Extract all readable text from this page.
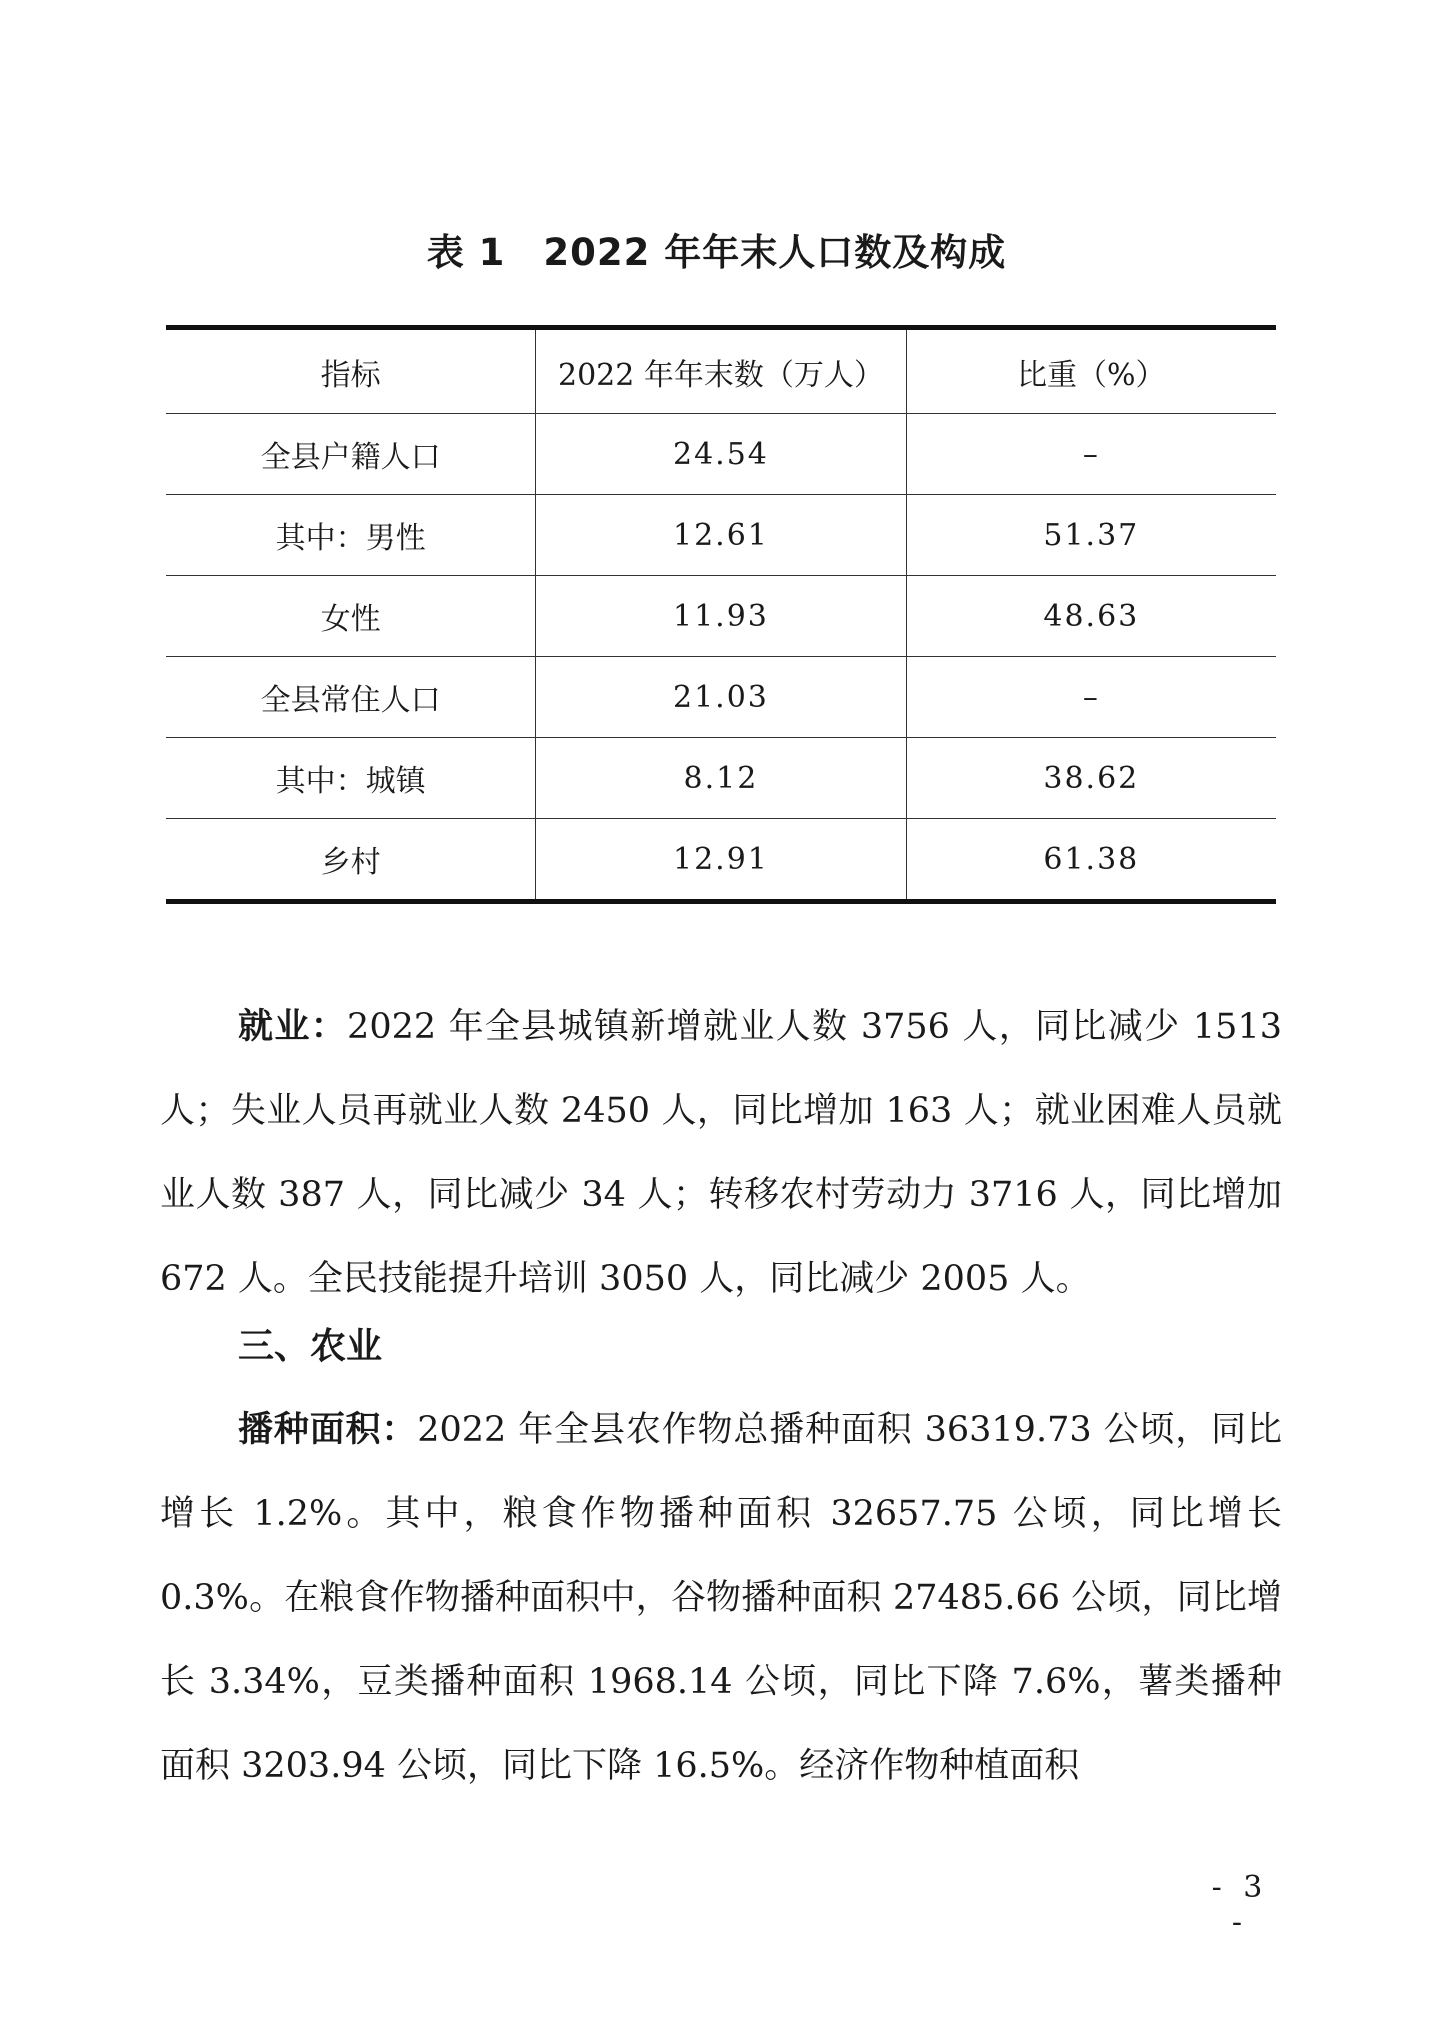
表 1　2022 年年末人口数及构成
指标	2022 年年末数（万人）	比重（%）
全县户籍人口	24.54	–
其中：男性	12.61	51.37
女性	11.93	48.63
全县常住人口	21.03	–
其中：城镇	8.12	38.62
乡村	12.91	61.38

就业：2022 年全县城镇新增就业人数 3756 人，同比减少 1513 人；失业人员再就业人数 2450 人，同比增加 163 人；就业困难人员就业人数 387 人，同比减少 34 人；转移农村劳动力 3716 人，同比增加 672 人。全民技能提升培训 3050 人，同比减少 2005 人。

三、农业

播种面积：2022 年全县农作物总播种面积 36319.73 公顷，同比增长 1.2%。其中，粮食作物播种面积 32657.75 公顷，同比增长 0.3%。在粮食作物播种面积中，谷物播种面积 27485.66 公顷，同比增长 3.34%，豆类播种面积 1968.14 公顷，同比下降 7.6%，薯类播种面积 3203.94 公顷，同比下降 16.5%。经济作物种植面积

- 3 -
